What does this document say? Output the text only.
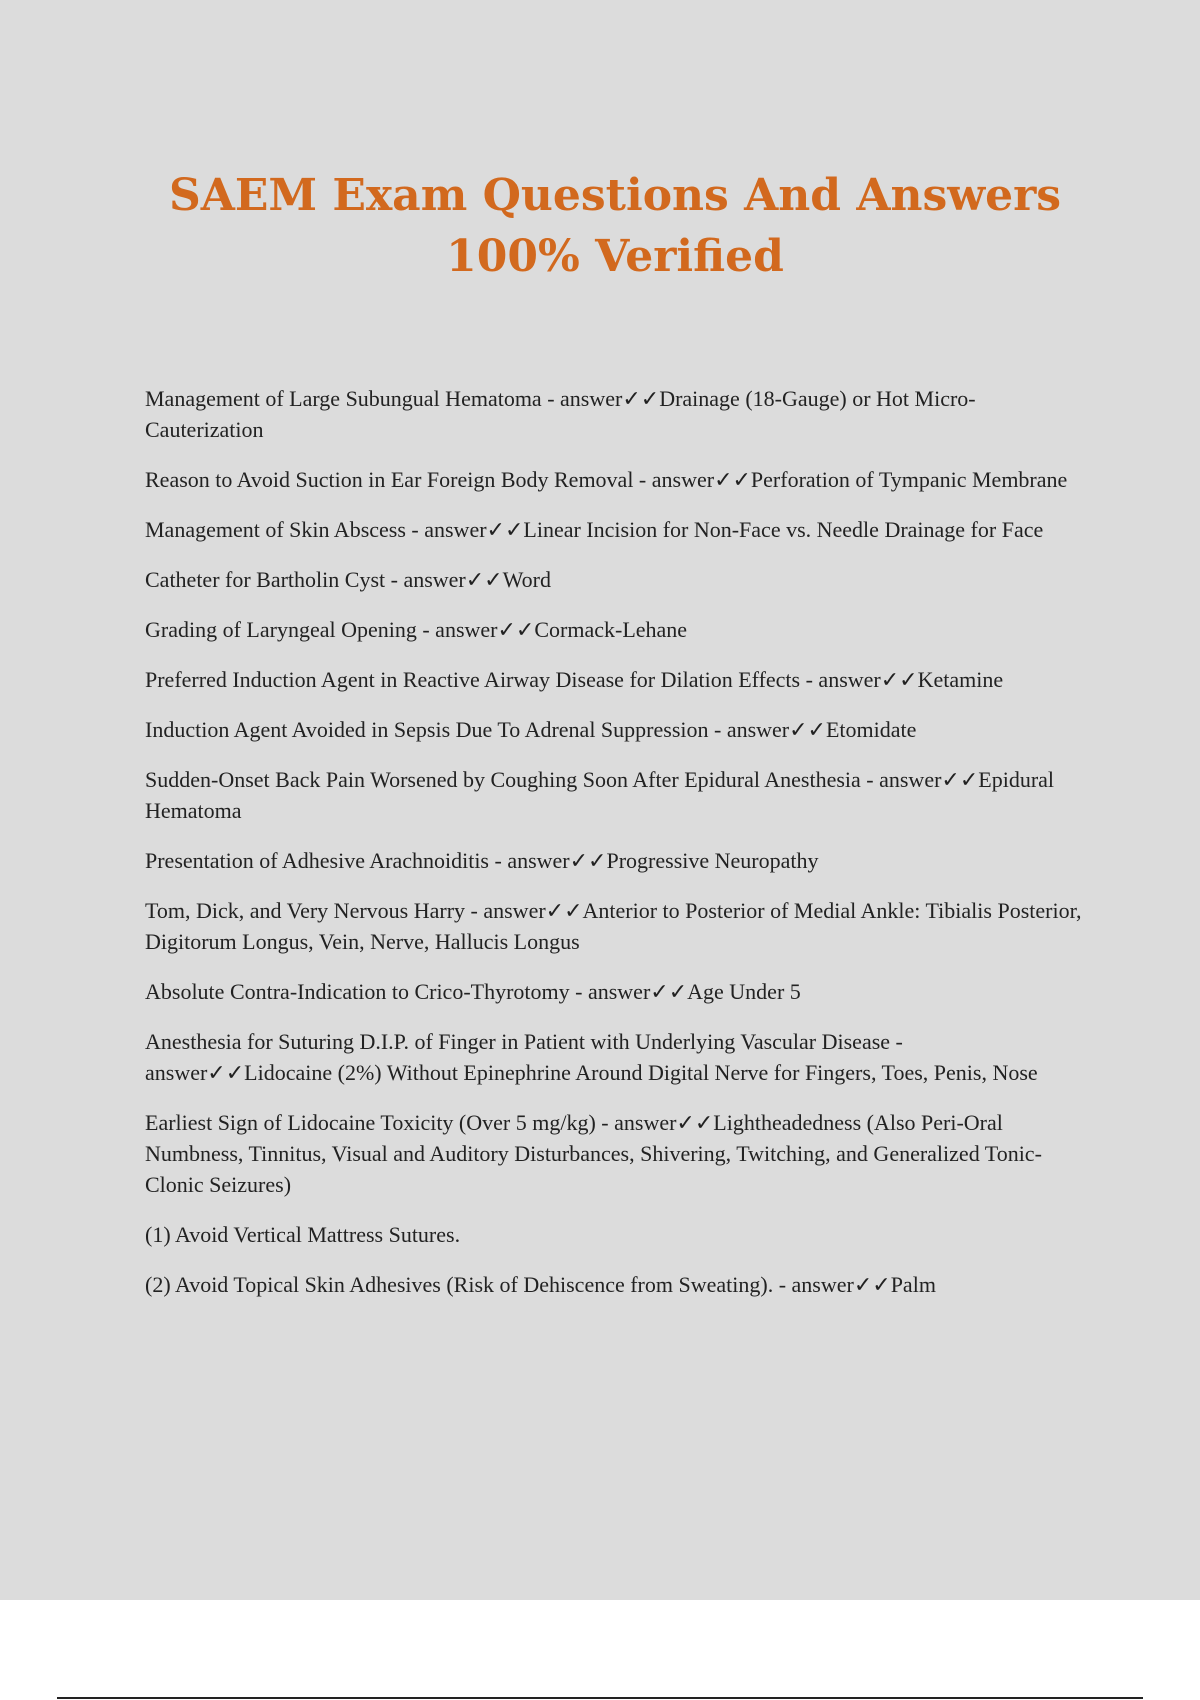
SAEM Exam Questions And Answers 100% Verified
Management of Large Subungual Hematoma - answer✓✓Drainage (18-Gauge) or Hot Micro-Cauterization
Reason to Avoid Suction in Ear Foreign Body Removal - answer✓✓Perforation of Tympanic Membrane
Management of Skin Abscess - answer✓✓Linear Incision for Non-Face vs. Needle Drainage for Face
Catheter for Bartholin Cyst - answer✓✓Word
Grading of Laryngeal Opening - answer✓✓Cormack-Lehane
Preferred Induction Agent in Reactive Airway Disease for Dilation Effects - answer✓✓Ketamine
Induction Agent Avoided in Sepsis Due To Adrenal Suppression - answer✓✓Etomidate
Sudden-Onset Back Pain Worsened by Coughing Soon After Epidural Anesthesia - answer✓✓Epidural Hematoma
Presentation of Adhesive Arachnoiditis - answer✓✓Progressive Neuropathy
Tom, Dick, and Very Nervous Harry - answer✓✓Anterior to Posterior of Medial Ankle: Tibialis Posterior, Digitorum Longus, Vein, Nerve, Hallucis Longus
Absolute Contra-Indication to Crico-Thyrotomy - answer✓✓Age Under 5
Anesthesia for Suturing D.I.P. of Finger in Patient with Underlying Vascular Disease - answer✓✓Lidocaine (2%) Without Epinephrine Around Digital Nerve for Fingers, Toes, Penis, Nose
Earliest Sign of Lidocaine Toxicity (Over 5 mg/kg) - answer✓✓Lightheadedness (Also Peri-Oral Numbness, Tinnitus, Visual and Auditory Disturbances, Shivering, Twitching, and Generalized Tonic-Clonic Seizures)
(1) Avoid Vertical Mattress Sutures.
(2) Avoid Topical Skin Adhesives (Risk of Dehiscence from Sweating). - answer✓✓Palm
